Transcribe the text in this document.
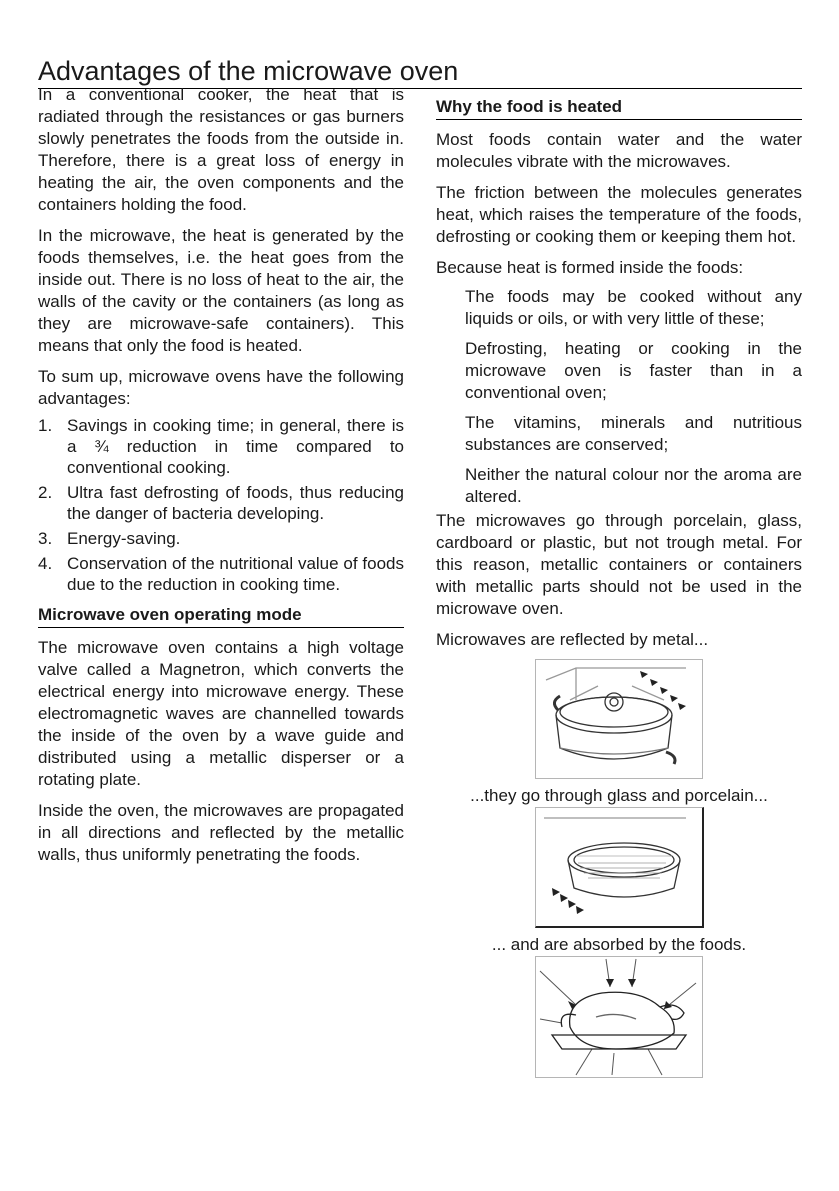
Advantages of the microwave oven

In a conventional cooker, the heat that is radiated through the resistances or gas burners slowly penetrates the foods from the outside in. Therefore, there is a great loss of energy in heating the air, the oven components and the containers holding the food.

In the microwave, the heat is generated by the foods themselves, i.e. the heat goes from the inside out. There is no loss of heat to the air, the walls of the cavity or the containers (as long as they are microwave-safe containers). This means that only the food is heated.

To sum up, microwave ovens have the following advantages:

1. Savings in cooking time; in general, there is a ¾ reduction in time compared to conventional cooking.
2. Ultra fast defrosting of foods, thus reducing the danger of bacteria developing.
3. Energy-saving.
4. Conservation of the nutritional value of foods due to the reduction in cooking time.
Microwave oven operating mode

The microwave oven contains a high voltage valve called a Magnetron, which converts the electrical energy into microwave energy. These electromagnetic waves are channelled towards the inside of the oven by a wave guide and distributed using a metallic disperser or a rotating plate.

Inside the oven, the microwaves are propagated in all directions and reflected by the metallic walls, thus uniformly penetrating the foods.

Why the food is heated

Most foods contain water and the water molecules vibrate with the microwaves.

The friction between the molecules generates heat, which raises the temperature of the foods, defrosting or cooking them or keeping them hot.

Because heat is formed inside the foods:

The foods may be cooked without any liquids or oils, or with very little of these;
Defrosting, heating or cooking in the microwave oven is faster than in a conventional oven;
The vitamins, minerals and nutritious substances are conserved;
Neither the natural colour nor the aroma are altered.

The microwaves go through porcelain, glass, cardboard or plastic, but not trough metal. For this reason, metallic containers or containers with metallic parts should not be used in the microwave oven.

Microwaves are reflected by metal...

...they go through glass and porcelain...

... and are absorbed by the foods.
